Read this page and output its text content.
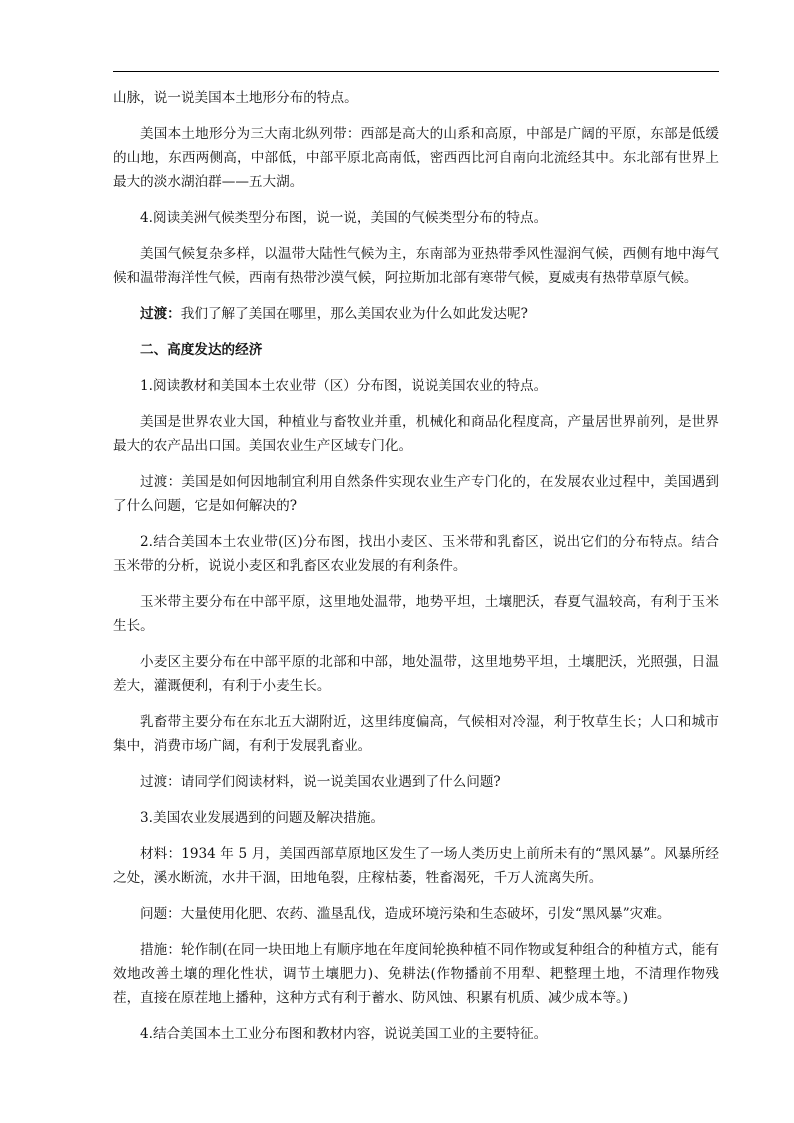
山脉，说一说美国本土地形分布的特点。

美国本土地形分为三大南北纵列带：西部是高大的山系和高原，中部是广阔的平原，东部是低缓的山地，东西两侧高，中部低，中部平原北高南低，密西西比河自南向北流经其中。东北部有世界上最大的淡水湖泊群——五大湖。

4.阅读美洲气候类型分布图，说一说，美国的气候类型分布的特点。

美国气候复杂多样，以温带大陆性气候为主，东南部为亚热带季风性湿润气候，西侧有地中海气候和温带海洋性气候，西南有热带沙漠气候，阿拉斯加北部有寒带气候，夏威夷有热带草原气候。

过渡：我们了解了美国在哪里，那么美国农业为什么如此发达呢?

二、高度发达的经济

1.阅读教材和美国本土农业带（区）分布图，说说美国农业的特点。

美国是世界农业大国，种植业与畜牧业并重，机械化和商品化程度高，产量居世界前列，是世界最大的农产品出口国。美国农业生产区域专门化。

过渡：美国是如何因地制宜利用自然条件实现农业生产专门化的，在发展农业过程中，美国遇到了什么问题，它是如何解决的?

2.结合美国本土农业带(区)分布图，找出小麦区、玉米带和乳畜区，说出它们的分布特点。结合玉米带的分析，说说小麦区和乳畜区农业发展的有利条件。

玉米带主要分布在中部平原，这里地处温带，地势平坦，土壤肥沃，春夏气温较高，有利于玉米生长。

小麦区主要分布在中部平原的北部和中部，地处温带，这里地势平坦，土壤肥沃，光照强，日温差大，灌溉便利，有利于小麦生长。

乳畜带主要分布在东北五大湖附近，这里纬度偏高，气候相对冷湿，利于牧草生长；人口和城市集中，消费市场广阔，有利于发展乳畜业。

过渡：请同学们阅读材料，说一说美国农业遇到了什么问题?

3.美国农业发展遇到的问题及解决措施。

材料：1934 年 5 月，美国西部草原地区发生了一场人类历史上前所未有的“黑风暴”。风暴所经之处，溪水断流，水井干涸，田地龟裂，庄稼枯萎，牲畜渴死，千万人流离失所。

问题：大量使用化肥、农药、滥垦乱伐，造成环境污染和生态破坏，引发“黑风暴”灾难。

措施：轮作制(在同一块田地上有顺序地在年度间轮换种植不同作物或复种组合的种植方式，能有效地改善土壤的理化性状，调节土壤肥力)、免耕法(作物播前不用犁、耙整理土地，不清理作物残茬，直接在原茬地上播种，这种方式有利于蓄水、防风蚀、积累有机质、减少成本等。)

4.结合美国本土工业分布图和教材内容，说说美国工业的主要特征。
